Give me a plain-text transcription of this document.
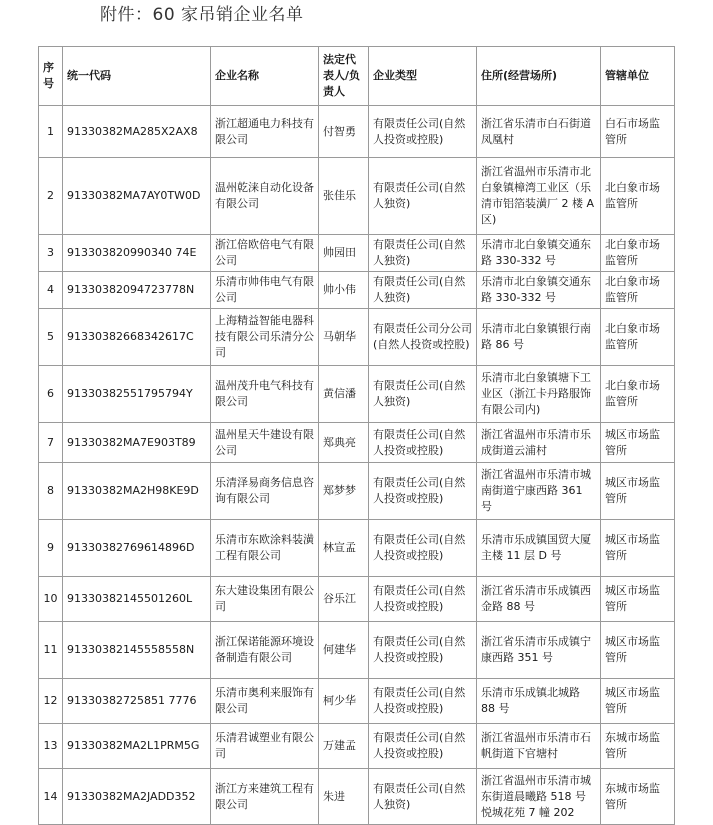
附件：60 家吊销企业名单
序号	统一代码	企业名称	法定代表人/负责人	企业类型	住所(经营场所)	管辖单位
1	91330382MA285X2AX8	浙江超通电力科技有限公司	付智勇	有限责任公司(自然人投资或控股)	浙江省乐清市白石街道凤凰村	白石市场监管所
2	91330382MA7AY0TW0D	温州乾涞自动化设备有限公司	张佳乐	有限责任公司(自然人独资)	浙江省温州市乐清市北白象镇樟湾工业区（乐清市铝箔装潢厂 2 楼 A 区)	北白象市场监管所
3	913303820990340 74E	浙江倍欧倍电气有限公司	帅园田	有限责任公司(自然人独资)	乐清市北白象镇交通东路 330-332 号	北白象市场监管所
4	91330382094723778N	乐清市帅伟电气有限公司	帅小伟	有限责任公司(自然人独资)	乐清市北白象镇交通东路 330-332 号	北白象市场监管所
5	91330382668342617C	上海精益智能电器科技有限公司乐清分公司	马朝华	有限责任公司分公司(自然人投资或控股)	乐清市北白象镇银行南路 86 号	北白象市场监管所
6	91330382551795794Y	温州茂升电气科技有限公司	黄信潘	有限责任公司(自然人独资)	乐清市北白象镇塘下工业区（浙江卡丹路服饰有限公司内)	北白象市场监管所
7	91330382MA7E903T89	温州星天牛建设有限公司	郑典亮	有限责任公司(自然人投资或控股)	浙江省温州市乐清市乐成街道云浦村	城区市场监管所
8	91330382MA2H98KE9D	乐清泽易商务信息咨询有限公司	郑梦梦	有限责任公司(自然人投资或控股)	浙江省温州市乐清市城南街道宁康西路 361 号	城区市场监管所
9	91330382769614896D	乐清市东欧涂料装潢工程有限公司	林宣孟	有限责任公司(自然人投资或控股)	乐清市乐成镇国贸大厦主楼 11 层 D 号	城区市场监管所
10	91330382145501260L	东大建设集团有限公司	谷乐江	有限责任公司(自然人投资或控股)	浙江省乐清市乐成镇西金路 88 号	城区市场监管所
11	91330382145558558N	浙江保诺能源环境设备制造有限公司	何建华	有限责任公司(自然人投资或控股)	浙江省乐清市乐成镇宁康西路 351 号	城区市场监管所
12	91330382725851 7776	乐清市奥利来服饰有限公司	柯少华	有限责任公司(自然人投资或控股)	乐清市乐成镇北城路 88 号	城区市场监管所
13	91330382MA2L1PRM5G	乐清君诚塑业有限公司	万建孟	有限责任公司(自然人投资或控股)	浙江省温州市乐清市石帆街道下官塘村	东城市场监管所
14	91330382MA2JADD352	浙江方来建筑工程有限公司	朱进	有限责任公司(自然人独资)	浙江省温州市乐清市城东街道晨曦路 518 号悦城花苑 7 幢 202	东城市场监管所
